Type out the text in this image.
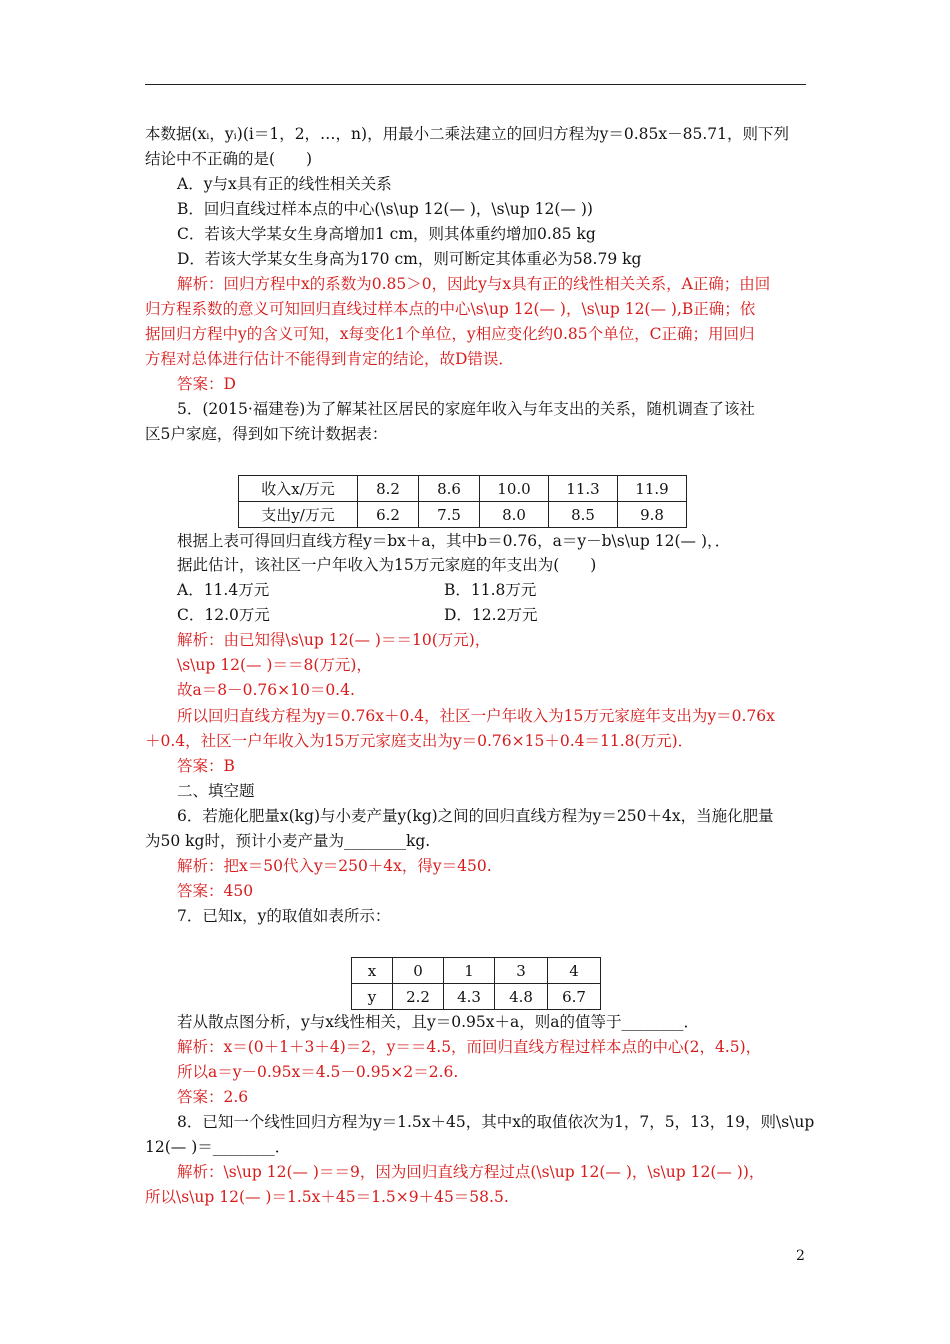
本数据(xᵢ，yᵢ)(i＝1，2，…，n)，用最小二乘法建立的回归方程为y＝0.85x－85.71，则下列
结论中不正确的是(　　)
A．y与x具有正的线性相关关系
B．回归直线过样本点的中心(\s\up 12(— )，\s\up 12(— ))
C．若该大学某女生身高增加1 cm，则其体重约增加0.85 kg
D．若该大学某女生身高为170 cm，则可断定其体重必为58.79 kg
解析：回归方程中x的系数为0.85＞0，因此y与x具有正的线性相关关系，A正确；由回
归方程系数的意义可知回归直线过样本点的中心\s\up 12(— )，\s\up 12(— ),B正确；依
据回归方程中y的含义可知，x每变化1个单位，y相应变化约0.85个单位，C正确；用回归
方程对总体进行估计不能得到肯定的结论，故D错误．
答案：D
5．(2015·福建卷)为了解某社区居民的家庭年收入与年支出的关系，随机调查了该社
区5户家庭，得到如下统计数据表：
收入x/万元	8.2	8.6	10.0	11.3	11.9
支出y/万元	6.2	7.5	8.0	8.5	9.8
根据上表可得回归直线方程y＝bx＋a，其中b＝0.76，a＝y－b\s\up 12(— )，．
据此估计，该社区一户年收入为15万元家庭的年支出为(　　)
A．11.4万元	B．11.8万元
C．12.0万元	D．12.2万元
解析：由已知得\s\up 12(— )＝＝10(万元)，
\s\up 12(— )＝＝8(万元)，
故a＝8－0.76×10＝0.4.
所以回归直线方程为y＝0.76x＋0.4，社区一户年收入为15万元家庭年支出为y＝0.76x
＋0.4，社区一户年收入为15万元家庭支出为y＝0.76×15＋0.4＝11.8(万元)．
答案：B
二、填空题
6．若施化肥量x(kg)与小麦产量y(kg)之间的回归直线方程为y＝250＋4x，当施化肥量
为50 kg时，预计小麦产量为________kg.
解析：把x＝50代入y＝250＋4x，得y＝450.
答案：450
7．已知x，y的取值如表所示：
x	0	1	3	4
y	2.2	4.3	4.8	6.7
若从散点图分析，y与x线性相关，且y＝0.95x＋a，则a的值等于________．
解析：x＝(0＋1＋3＋4)＝2，y＝＝4.5，而回归直线方程过样本点的中心(2，4.5)，
所以a＝y－0.95x＝4.5－0.95×2＝2.6.
答案：2.6
8．已知一个线性回归方程为y＝1.5x＋45，其中x的取值依次为1，7，5，13，19，则\s\up
12(— )＝________．
解析：\s\up 12(— )＝＝9，因为回归直线方程过点(\s\up 12(— )，\s\up 12(— ))，
所以\s\up 12(— )＝1.5x＋45＝1.5×9＋45＝58.5.
2
